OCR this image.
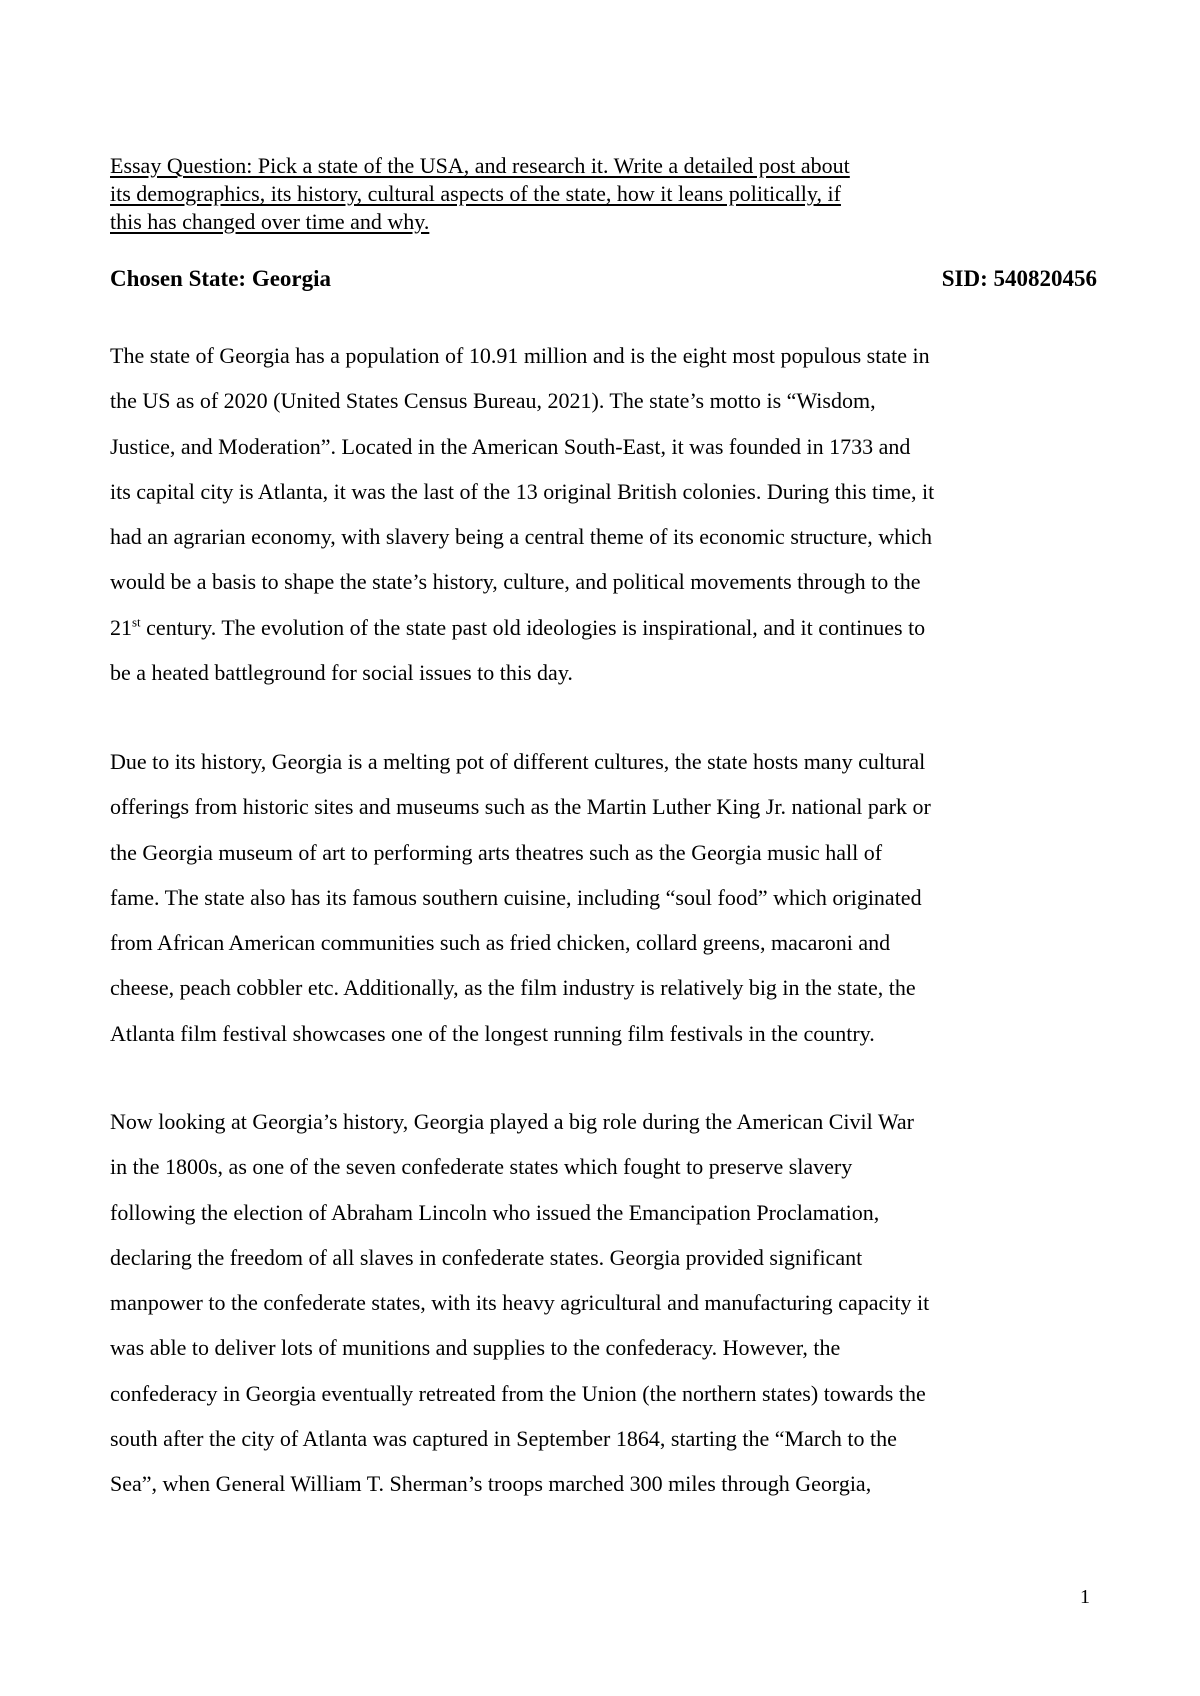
Essay Question: Pick a state of the USA, and research it. Write a detailed post about
its demographics, its history, cultural aspects of the state, how it leans politically, if
this has changed over time and why.
Chosen State: Georgia	SID: 540820456
The state of Georgia has a population of 10.91 million and is the eight most populous state in
the US as of 2020 (United States Census Bureau, 2021). The state’s motto is “Wisdom,
Justice, and Moderation”. Located in the American South-East, it was founded in 1733 and
its capital city is Atlanta, it was the last of the 13 original British colonies. During this time, it
had an agrarian economy, with slavery being a central theme of its economic structure, which
would be a basis to shape the state’s history, culture, and political movements through to the
21st century. The evolution of the state past old ideologies is inspirational, and it continues to
be a heated battleground for social issues to this day.
Due to its history, Georgia is a melting pot of different cultures, the state hosts many cultural
offerings from historic sites and museums such as the Martin Luther King Jr. national park or
the Georgia museum of art to performing arts theatres such as the Georgia music hall of
fame. The state also has its famous southern cuisine, including “soul food” which originated
from African American communities such as fried chicken, collard greens, macaroni and
cheese, peach cobbler etc. Additionally, as the film industry is relatively big in the state, the
Atlanta film festival showcases one of the longest running film festivals in the country.
Now looking at Georgia’s history, Georgia played a big role during the American Civil War
in the 1800s, as one of the seven confederate states which fought to preserve slavery
following the election of Abraham Lincoln who issued the Emancipation Proclamation,
declaring the freedom of all slaves in confederate states. Georgia provided significant
manpower to the confederate states, with its heavy agricultural and manufacturing capacity it
was able to deliver lots of munitions and supplies to the confederacy. However, the
confederacy in Georgia eventually retreated from the Union (the northern states) towards the
south after the city of Atlanta was captured in September 1864, starting the “March to the
Sea”, when General William T. Sherman’s troops marched 300 miles through Georgia,
1
